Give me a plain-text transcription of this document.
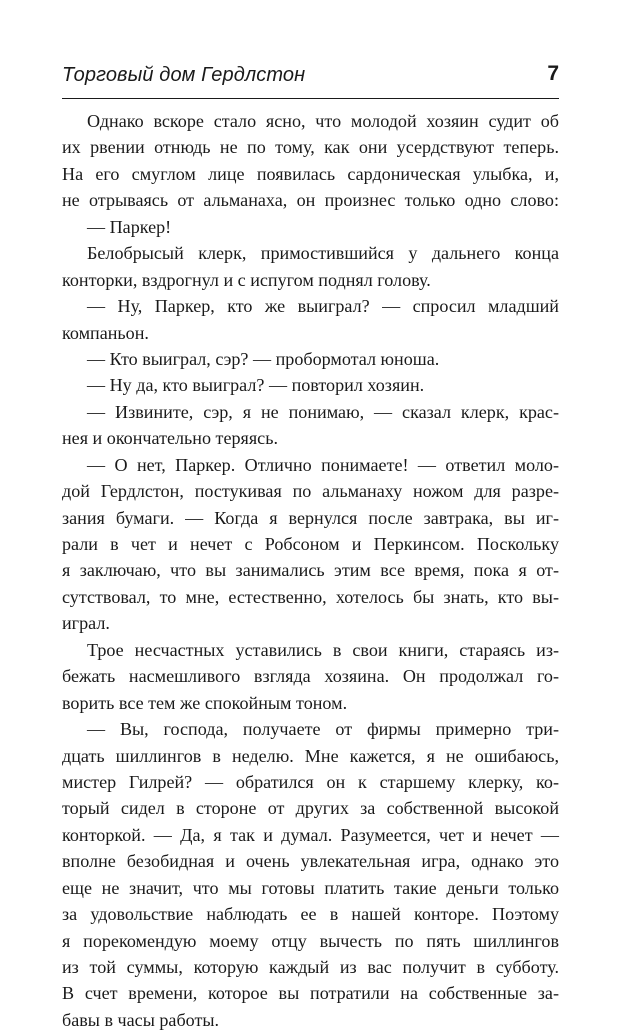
Торговый дом Гердлстон	7
Однако вскоре стало ясно, что молодой хозяин судит об
их рвении отнюдь не по тому, как они усердствуют теперь.
На его смуглом лице появилась сардоническая улыбка, и,
не отрываясь от альманаха, он произнес только одно слово:
— Паркер!
Белобрысый клерк, примостившийся у дальнего конца
конторки, вздрогнул и с испугом поднял голову.
— Ну, Паркер, кто же выиграл? — спросил младший
компаньон.
— Кто выиграл, сэр? — пробормотал юноша.
— Ну да, кто выиграл? — повторил хозяин.
— Извините, сэр, я не понимаю, — сказал клерк, крас-
нея и окончательно теряясь.
— О нет, Паркер. Отлично понимаете! — ответил моло-
дой Гердлстон, постукивая по альманаху ножом для разре-
зания бумаги. — Когда я вернулся после завтрака, вы иг-
рали в чет и нечет с Робсоном и Перкинсом. Поскольку
я заключаю, что вы занимались этим все время, пока я от-
сутствовал, то мне, естественно, хотелось бы знать, кто вы-
играл.
Трое несчастных уставились в свои книги, стараясь из-
бежать насмешливого взгляда хозяина. Он продолжал го-
ворить все тем же спокойным тоном.
— Вы, господа, получаете от фирмы примерно три-
дцать шиллингов в неделю. Мне кажется, я не ошибаюсь,
мистер Гилрей? — обратился он к старшему клерку, ко-
торый сидел в стороне от других за собственной высокой
конторкой. — Да, я так и думал. Разумеется, чет и нечет —
вполне безобидная и очень увлекательная игра, однако это
еще не значит, что мы готовы платить такие деньги только
за удовольствие наблюдать ее в нашей конторе. Поэтому
я порекомендую моему отцу вычесть по пять шиллингов
из той суммы, которую каждый из вас получит в субботу.
В счет времени, которое вы потратили на собственные за-
бавы в часы работы.
